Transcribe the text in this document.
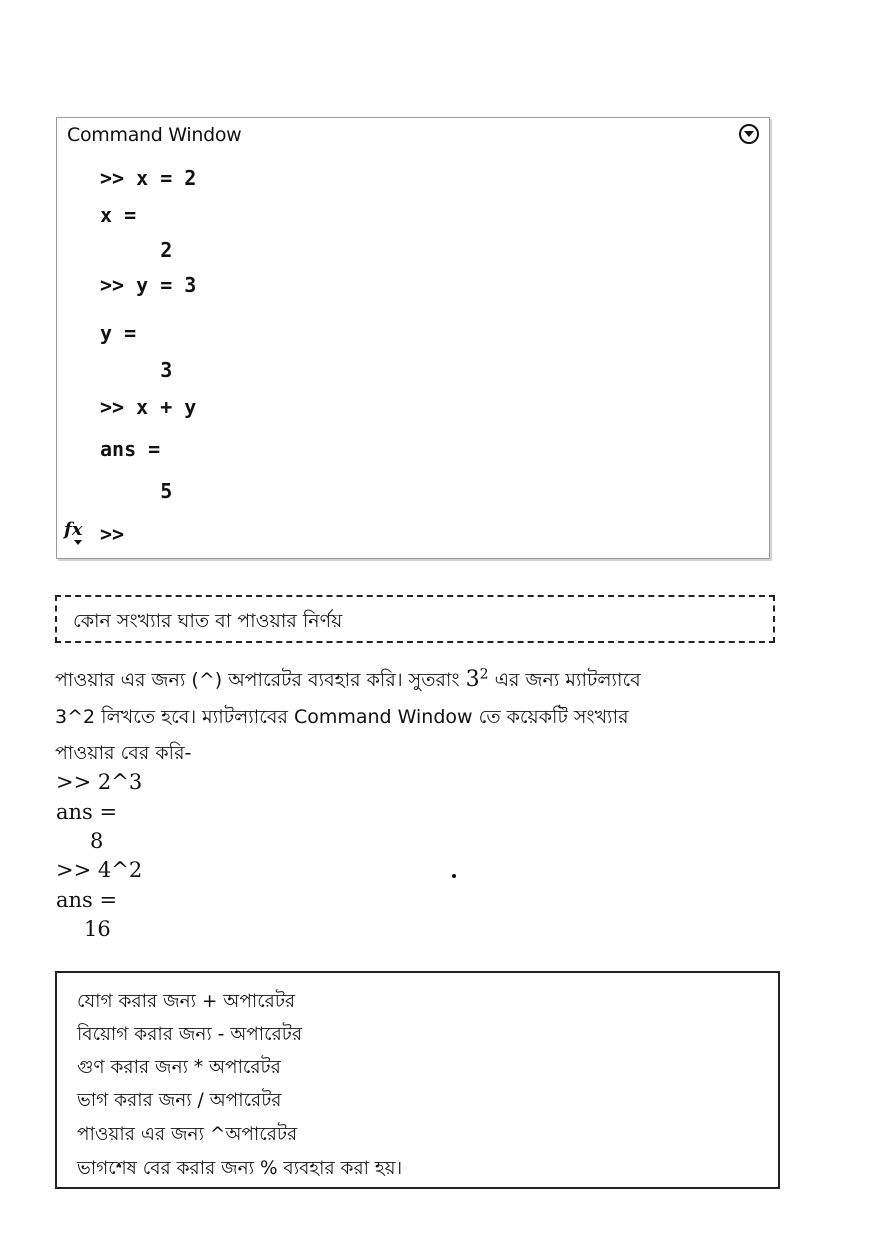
Command Window
>> x = 2
x =
2
>> y = 3
y =
3
>> x + y
ans =
5
fx >>
কোন সংখ্যার ঘাত বা পাওয়ার নির্ণয়
পাওয়ার এর জন্য (^) অপারেটর ব্যবহার করি। সুতরাং $3^2$ এর জন্য ম্যাটল্যাবে
3^2 লিখতে হবে। ম্যাটল্যাবের Command Window তে কয়েকটি সংখ্যার
পাওয়ার বের করি-
>> 2^3
ans =
8
>> 4^2
ans =
16
যোগ করার জন্য + অপারেটর
বিয়োগ করার জন্য - অপারেটর
গুণ করার জন্য * অপারেটর
ভাগ করার জন্য / অপারেটর
পাওয়ার এর জন্য ^অপারেটর
ভাগশেষ বের করার জন্য % ব্যবহার করা হয়।
